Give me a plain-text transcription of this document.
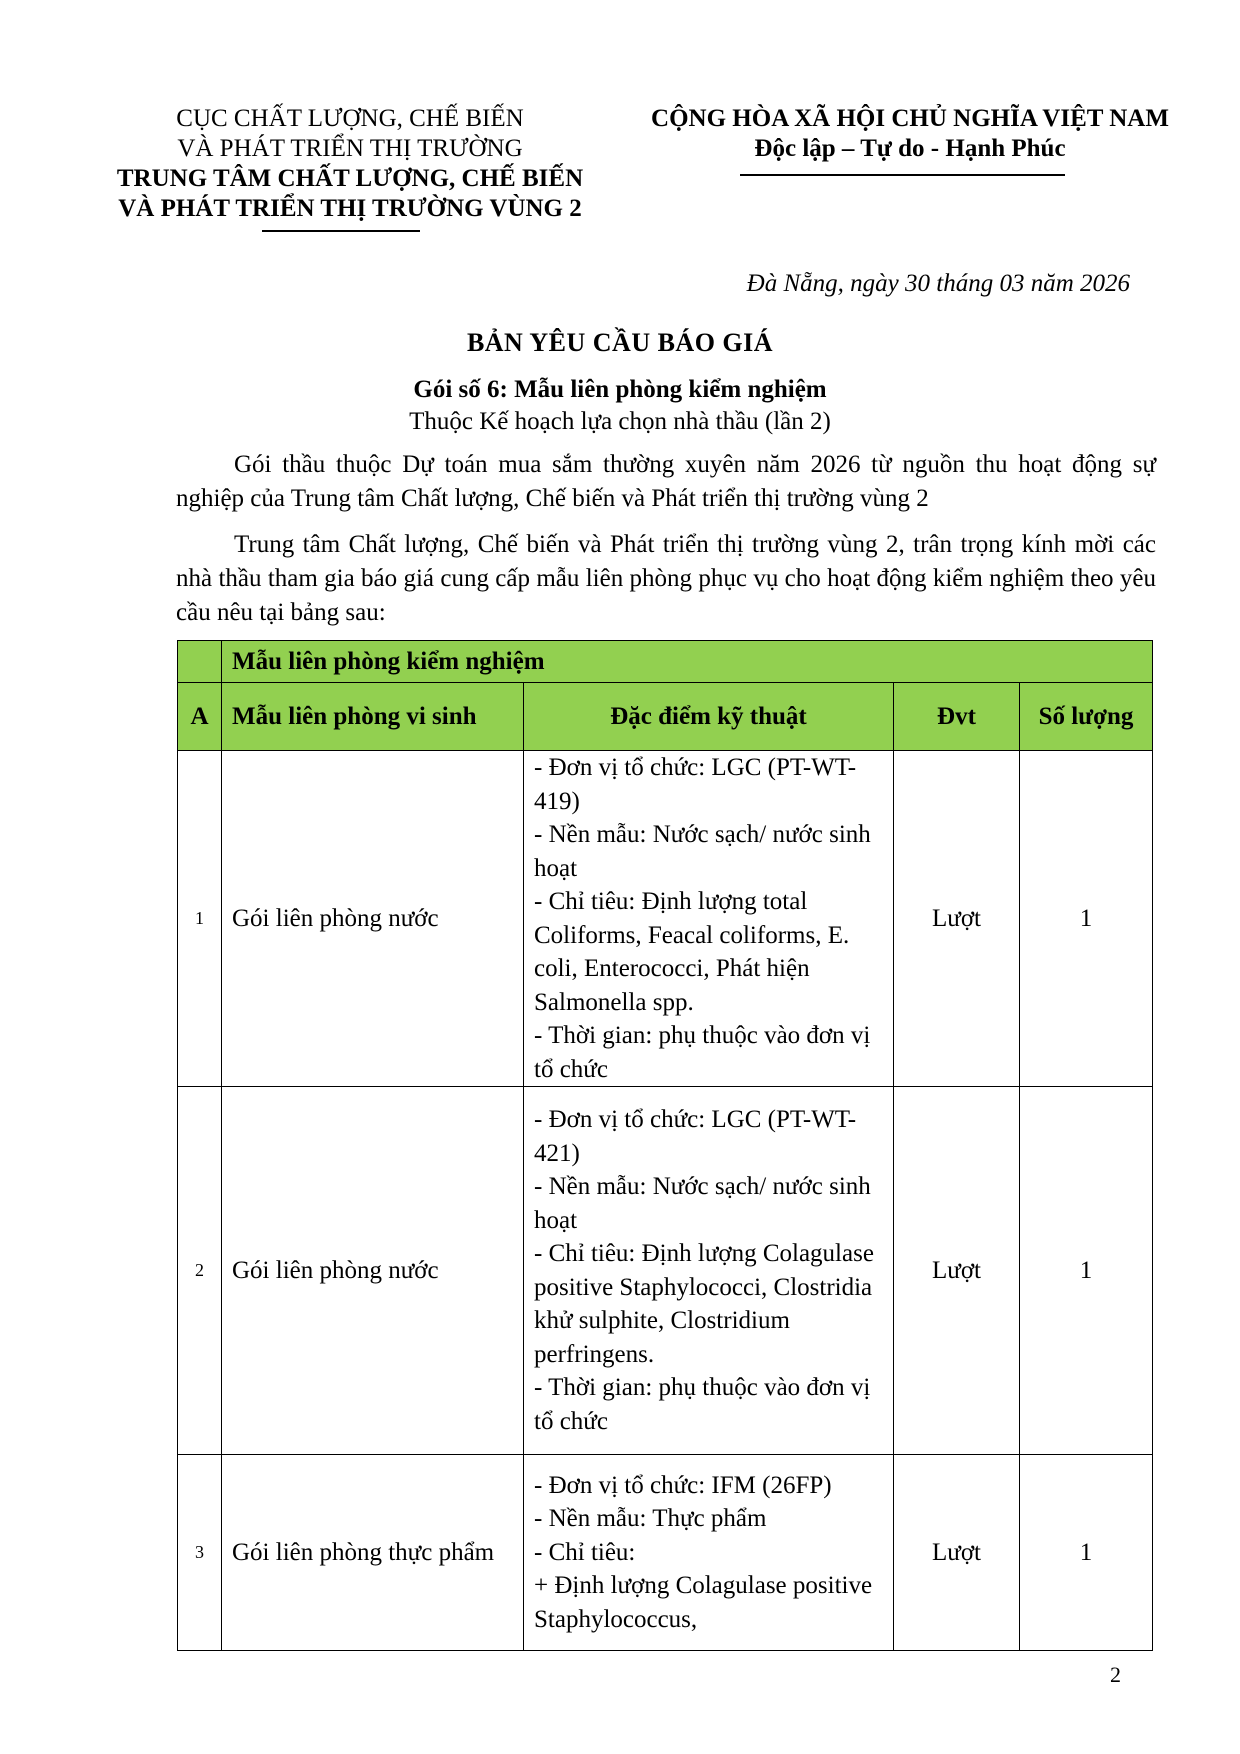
CỤC CHẤT LƯỢNG, CHẾ BIẾN
VÀ PHÁT TRIỂN THỊ TRƯỜNG
TRUNG TÂM CHẤT LƯỢNG, CHẾ BIẾN
VÀ PHÁT TRIỂN THỊ TRƯỜNG VÙNG 2
CỘNG HÒA XÃ HỘI CHỦ NGHĨA VIỆT NAM
Độc lập – Tự do - Hạnh Phúc
Đà Nẵng, ngày 30 tháng 03 năm 2026
BẢN YÊU CẦU BÁO GIÁ
Gói số 6: Mẫu liên phòng kiểm nghiệm
Thuộc Kế hoạch lựa chọn nhà thầu (lần 2)
Gói thầu thuộc Dự toán mua sắm thường xuyên năm 2026 từ nguồn thu hoạt động sự nghiệp của Trung tâm Chất lượng, Chế biến và Phát triển thị trường vùng 2
Trung tâm Chất lượng, Chế biến và Phát triển thị trường vùng 2, trân trọng kính mời các nhà thầu tham gia báo giá cung cấp mẫu liên phòng phục vụ cho hoạt động kiểm nghiệm theo yêu cầu nêu tại bảng sau:
	Mẫu liên phòng kiểm nghiệm			
A	Mẫu liên phòng vi sinh	Đặc điểm kỹ thuật	Đvt	Số lượng
1	Gói liên phòng nước	- Đơn vị tổ chức: LGC (PT-WT-419)
- Nền mẫu: Nước sạch/ nước sinh hoạt
- Chỉ tiêu: Định lượng total Coliforms, Feacal coliforms, E. coli, Enterococci, Phát hiện Salmonella spp.
- Thời gian: phụ thuộc vào đơn vị tổ chức	Lượt	1
2	Gói liên phòng nước	- Đơn vị tổ chức: LGC (PT-WT-421)
- Nền mẫu: Nước sạch/ nước sinh hoạt
- Chỉ tiêu: Định lượng Colagulase positive Staphylococci, Clostridia khử sulphite, Clostridium perfringens.
- Thời gian: phụ thuộc vào đơn vị tổ chức	Lượt	1
3	Gói liên phòng thực phẩm	- Đơn vị tổ chức: IFM (26FP)
- Nền mẫu: Thực phẩm
- Chỉ tiêu:
+ Định lượng Colagulase positive Staphylococcus,	Lượt	1
2
